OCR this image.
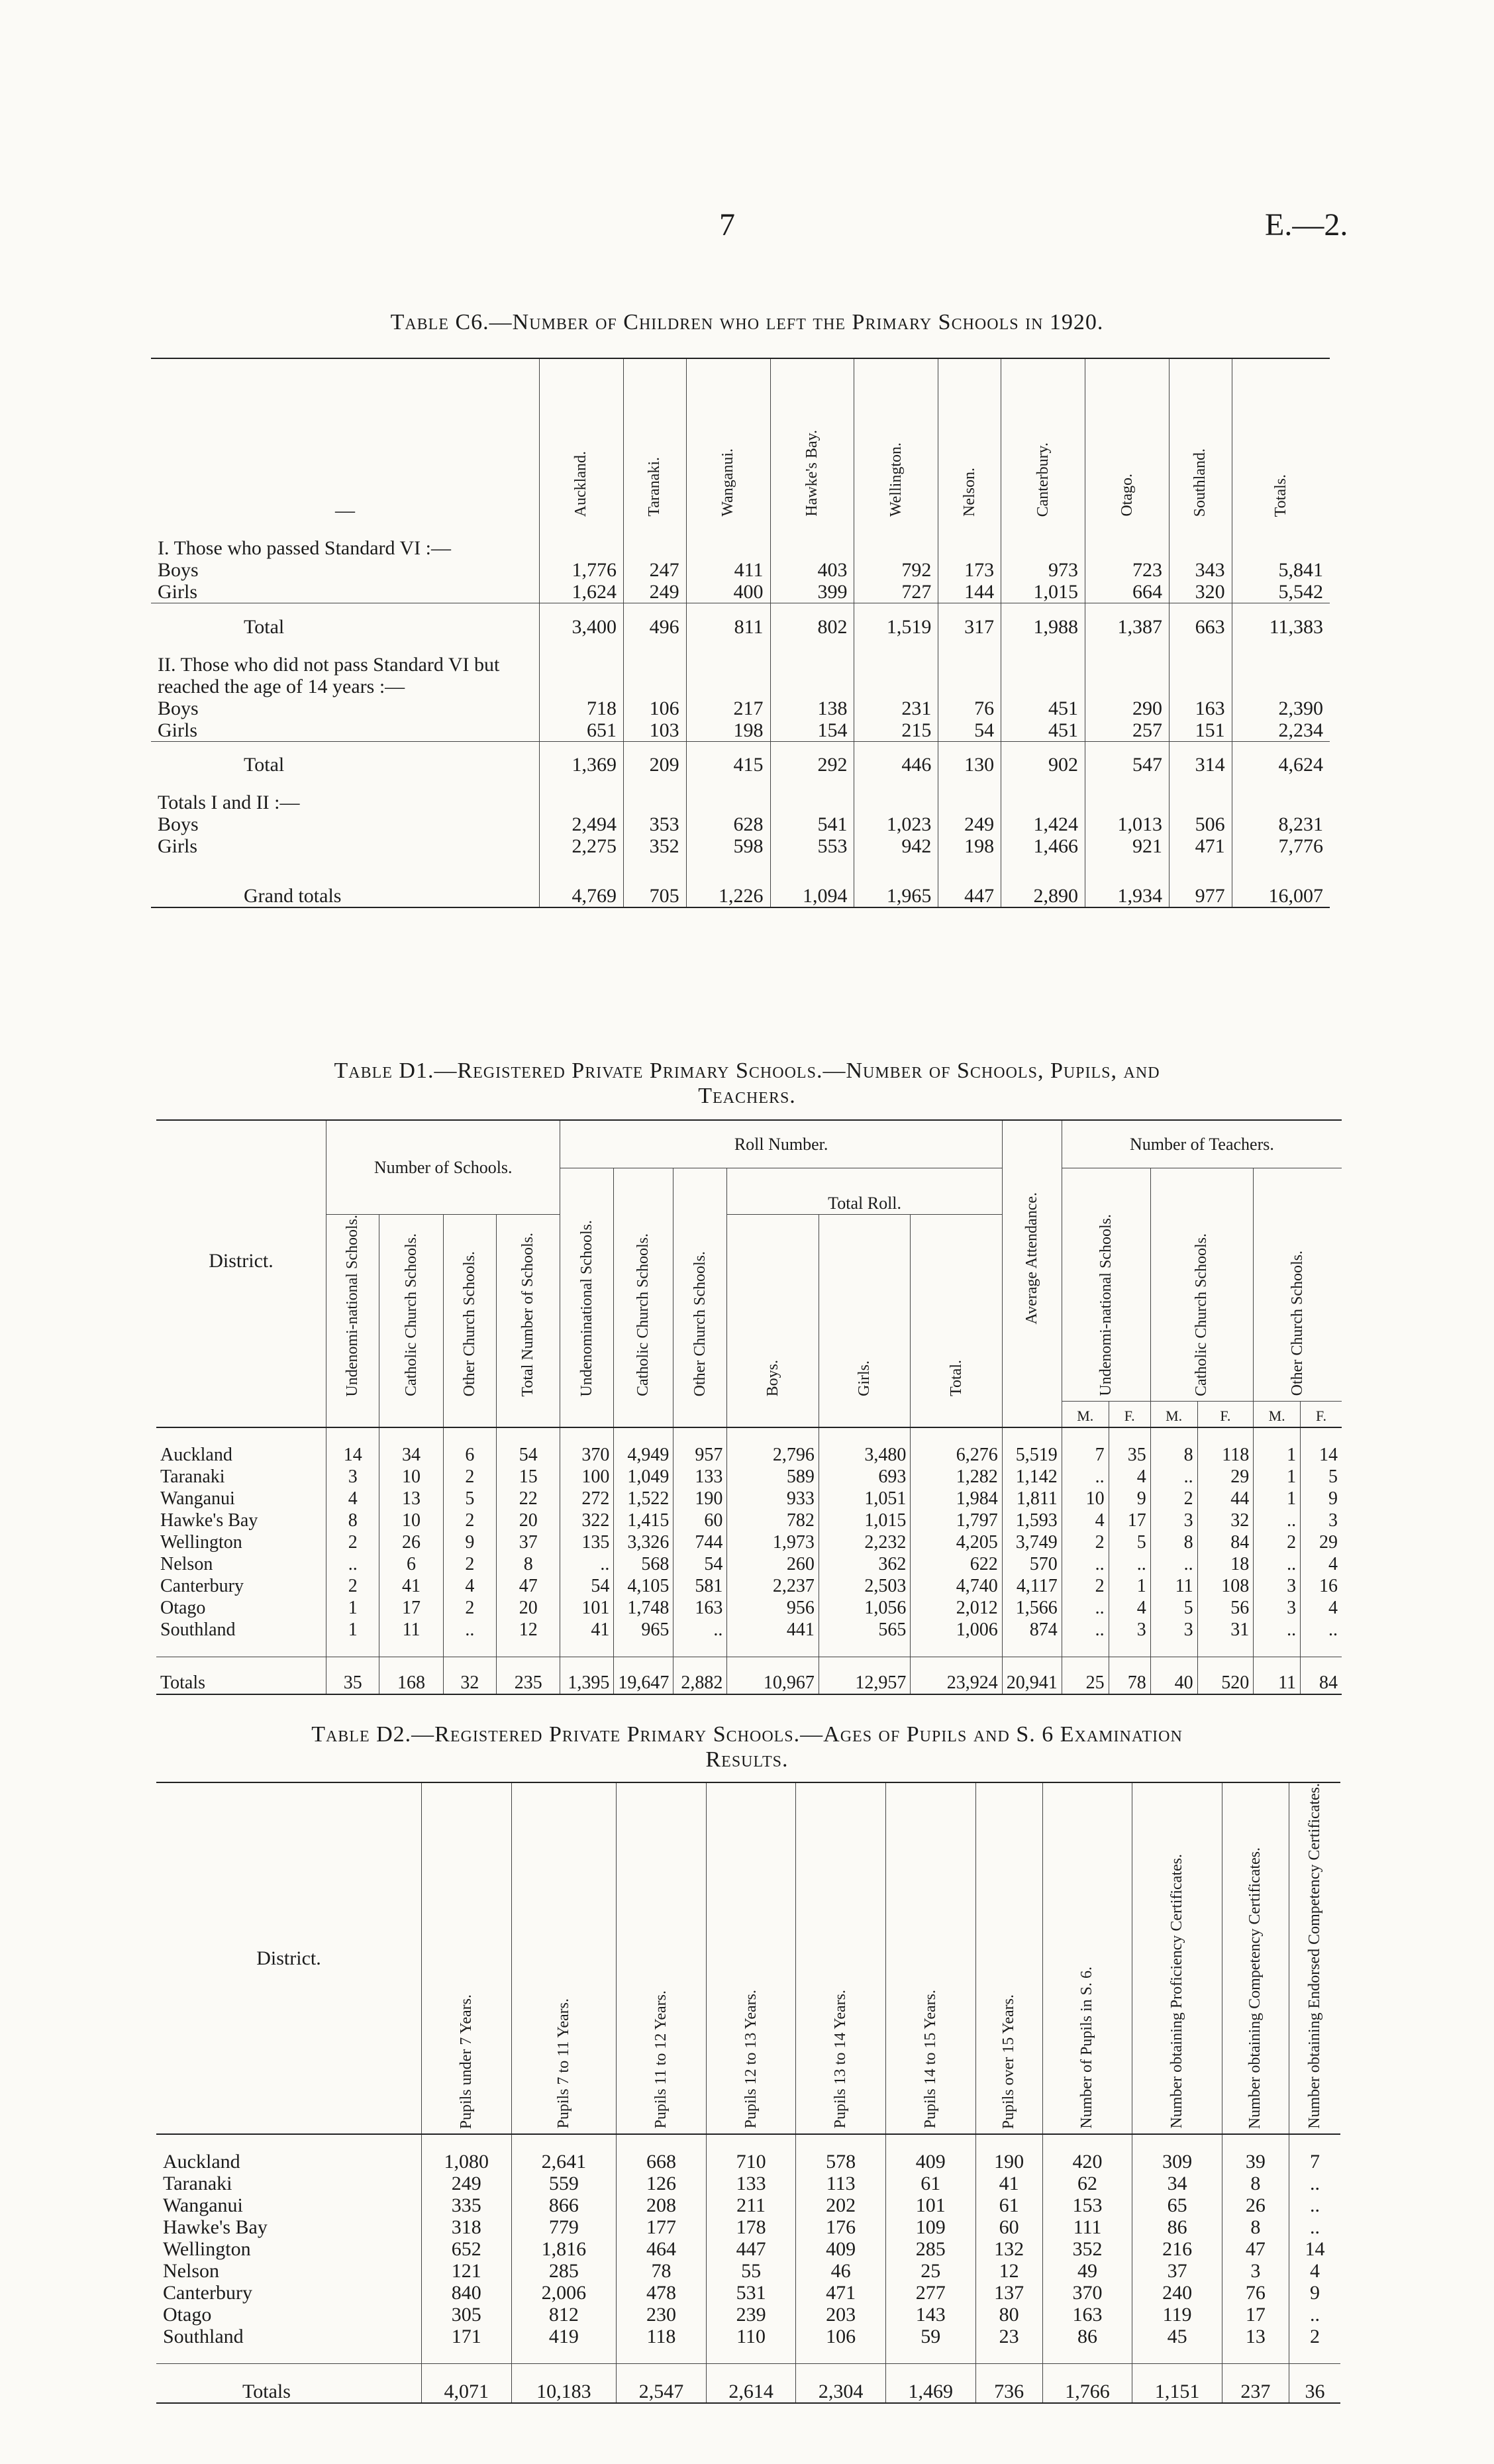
7	E.—2.
Table C6.—Number of Children who left the Primary Schools in 1920.
—	Auckland.	Taranaki.	Wanganui.	Hawke's Bay.	Wellington.	Nelson.	Canterbury.	Otago.	Southland.	Totals.

I. Those who passed Standard VI :—										
Boys	1,776	247	411	403	792	173	973	723	343	5,841
Girls	1,624	249	400	399	727	144	1,015	664	320	5,542
Total	3,400	496	811	802	1,519	317	1,988	1,387	663	11,383

II. Those who did not pass Standard VI but reached the age of 14 years :—										
Boys	718	106	217	138	231	76	451	290	163	2,390
Girls	651	103	198	154	215	54	451	257	151	2,234
Total	1,369	209	415	292	446	130	902	547	314	4,624

Totals I and II :—										
Boys	2,494	353	628	541	1,023	249	1,424	1,013	506	8,231
Girls	2,275	352	598	553	942	198	1,466	921	471	7,776

Grand totals	4,769	705	1,226	1,094	1,965	447	2,890	1,934	977	16,007
Table D1.—Registered Private Primary Schools.—Number of Schools, Pupils, and
Teachers.
District.	Number of Schools.				Roll Number.						Average Attendance.	Number of Teachers.					
					Undenominational Schools.	Catholic Church Schools.	Other Church Schools.	Total Roll.				Undenomi-national Schools.		Catholic Church Schools.		Other Church Schools.	
	Undenomi-national Schools.	Catholic Church Schools.	Other Church Schools.	Total Number of Schools.				Boys.	Girls.	Total.							
												M.	F.	M.	F.	M.	F.

Auckland	14	34	6	54	370	4,949	957	2,796	3,480	6,276	5,519	7	35	8	118	1	14
Taranaki	3	10	2	15	100	1,049	133	589	693	1,282	1,142	..	4	..	29	1	5
Wanganui	4	13	5	22	272	1,522	190	933	1,051	1,984	1,811	10	9	2	44	1	9
Hawke's Bay	8	10	2	20	322	1,415	60	782	1,015	1,797	1,593	4	17	3	32	..	3
Wellington	2	26	9	37	135	3,326	744	1,973	2,232	4,205	3,749	2	5	8	84	2	29
Nelson	..	6	2	8	..	568	54	260	362	622	570	..	..	..	18	..	4
Canterbury	2	41	4	47	54	4,105	581	2,237	2,503	4,740	4,117	2	1	11	108	3	16
Otago	1	17	2	20	101	1,748	163	956	1,056	2,012	1,566	..	4	5	56	3	4
Southland	1	11	..	12	41	965	..	441	565	1,006	874	..	3	3	31	..	..

Totals	35	168	32	235	1,395	19,647	2,882	10,967	12,957	23,924	20,941	25	78	40	520	11	84
Table D2.—Registered Private Primary Schools.—Ages of Pupils and S. 6 Examination
Results.
District.	Pupils under 7 Years.	Pupils 7 to 11 Years.	Pupils 11 to 12 Years.	Pupils 12 to 13 Years.	Pupils 13 to 14 Years.	Pupils 14 to 15 Years.	Pupils over 15 Years.	Number of Pupils in S. 6.	Number obtaining Proficiency Certificates.	Number obtaining Competency Certificates.	Number obtaining Endorsed Competency Certificates.

Auckland	1,080	2,641	668	710	578	409	190	420	309	39	7
Taranaki	249	559	126	133	113	61	41	62	34	8	..
Wanganui	335	866	208	211	202	101	61	153	65	26	..
Hawke's Bay	318	779	177	178	176	109	60	111	86	8	..
Wellington	652	1,816	464	447	409	285	132	352	216	47	14
Nelson	121	285	78	55	46	25	12	49	37	3	4
Canterbury	840	2,006	478	531	471	277	137	370	240	76	9
Otago	305	812	230	239	203	143	80	163	119	17	..
Southland	171	419	118	110	106	59	23	86	45	13	2

Totals	4,071	10,183	2,547	2,614	2,304	1,469	736	1,766	1,151	237	36
